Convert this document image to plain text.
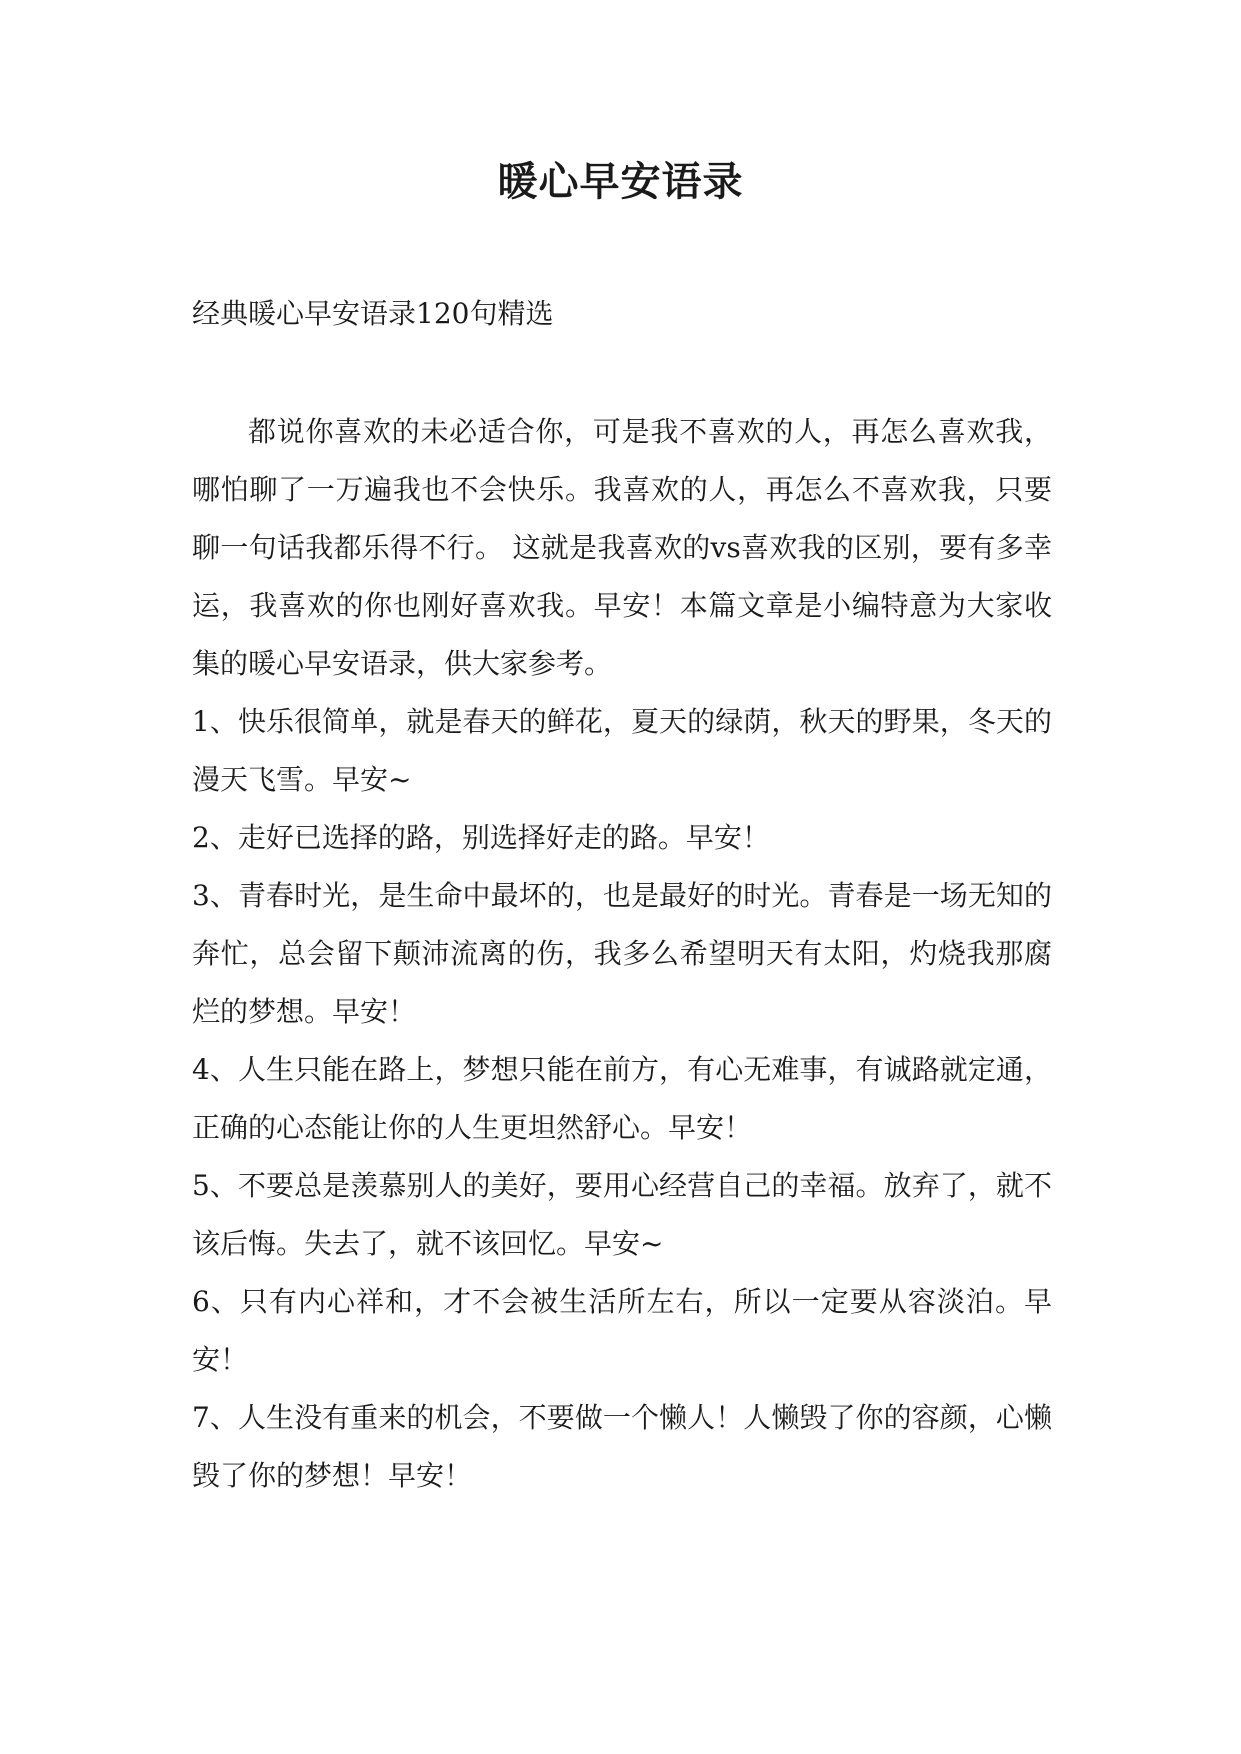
暖心早安语录
经典暖心早安语录120句精选

都说你喜欢的未必适合你，可是我不喜欢的人，再怎么喜欢我，哪怕聊了一万遍我也不会快乐。我喜欢的人，再怎么不喜欢我，只要聊一句话我都乐得不行。 这就是我喜欢的vs喜欢我的区别，要有多幸运，我喜欢的你也刚好喜欢我。早安！本篇文章是小编特意为大家收集的暖心早安语录，供大家参考。

1、快乐很简单，就是春天的鲜花，夏天的绿荫，秋天的野果，冬天的漫天飞雪。早安~

2、走好已选择的路，别选择好走的路。早安！

3、青春时光，是生命中最坏的，也是最好的时光。青春是一场无知的奔忙，总会留下颠沛流离的伤，我多么希望明天有太阳，灼烧我那腐烂的梦想。早安！

4、人生只能在路上，梦想只能在前方，有心无难事，有诚路就定通，正确的心态能让你的人生更坦然舒心。早安！

5、不要总是羡慕别人的美好，要用心经营自己的幸福。放弃了，就不该后悔。失去了，就不该回忆。早安~

6、只有内心祥和，才不会被生活所左右，所以一定要从容淡泊。早安！

7、人生没有重来的机会，不要做一个懒人！人懒毁了你的容颜，心懒毁了你的梦想！早安！
